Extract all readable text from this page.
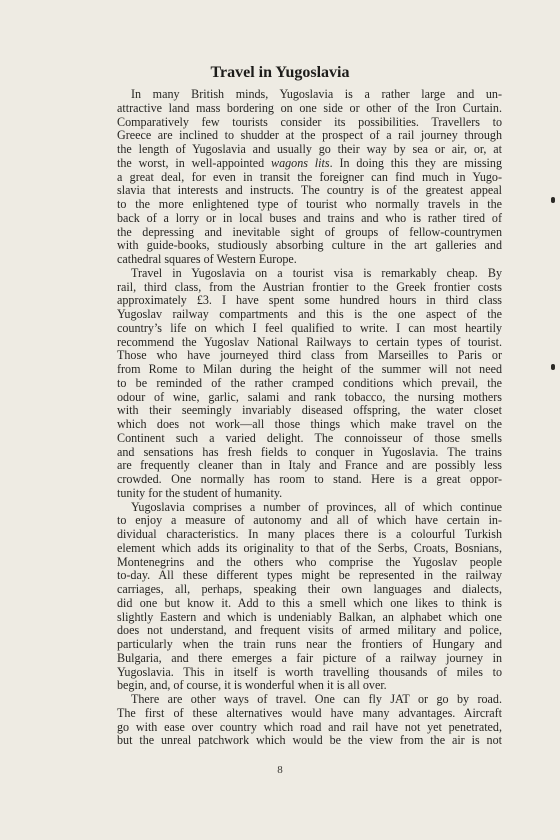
Travel in Yugoslavia

In many British minds, Yugoslavia is a rather large and un-
attractive land mass bordering on one side or other of the Iron Curtain.
Comparatively few tourists consider its possibilities. Travellers to
Greece are inclined to shudder at the prospect of a rail journey through
the length of Yugoslavia and usually go their way by sea or air, or, at
the worst, in well-appointed wagons lits. In doing this they are missing
a great deal, for even in transit the foreigner can find much in Yugo-
slavia that interests and instructs. The country is of the greatest appeal
to the more enlightened type of tourist who normally travels in the
back of a lorry or in local buses and trains and who is rather tired of
the depressing and inevitable sight of groups of fellow-countrymen
with guide-books, studiously absorbing culture in the art galleries and
cathedral squares of Western Europe.

Travel in Yugoslavia on a tourist visa is remarkably cheap. By
rail, third class, from the Austrian frontier to the Greek frontier costs
approximately £3. I have spent some hundred hours in third class
Yugoslav railway compartments and this is the one aspect of the
country’s life on which I feel qualified to write. I can most heartily
recommend the Yugoslav National Railways to certain types of tourist.
Those who have journeyed third class from Marseilles to Paris or
from Rome to Milan during the height of the summer will not need
to be reminded of the rather cramped conditions which prevail, the
odour of wine, garlic, salami and rank tobacco, the nursing mothers
with their seemingly invariably diseased offspring, the water closet
which does not work—all those things which make travel on the
Continent such a varied delight. The connoisseur of those smells
and sensations has fresh fields to conquer in Yugoslavia. The trains
are frequently cleaner than in Italy and France and are possibly less
crowded. One normally has room to stand. Here is a great oppor-
tunity for the student of humanity.

Yugoslavia comprises a number of provinces, all of which continue
to enjoy a measure of autonomy and all of which have certain in-
dividual characteristics. In many places there is a colourful Turkish
element which adds its originality to that of the Serbs, Croats, Bosnians,
Montenegrins and the others who comprise the Yugoslav people
to-day. All these different types might be represented in the railway
carriages, all, perhaps, speaking their own languages and dialects,
did one but know it. Add to this a smell which one likes to think is
slightly Eastern and which is undeniably Balkan, an alphabet which one
does not understand, and frequent visits of armed military and police,
particularly when the train runs near the frontiers of Hungary and
Bulgaria, and there emerges a fair picture of a railway journey in
Yugoslavia. This in itself is worth travelling thousands of miles to
begin, and, of course, it is wonderful when it is all over.

There are other ways of travel. One can fly JAT or go by road.
The first of these alternatives would have many advantages. Aircraft
go with ease over country which road and rail have not yet penetrated,
but the unreal patchwork which would be the view from the air is not

8
